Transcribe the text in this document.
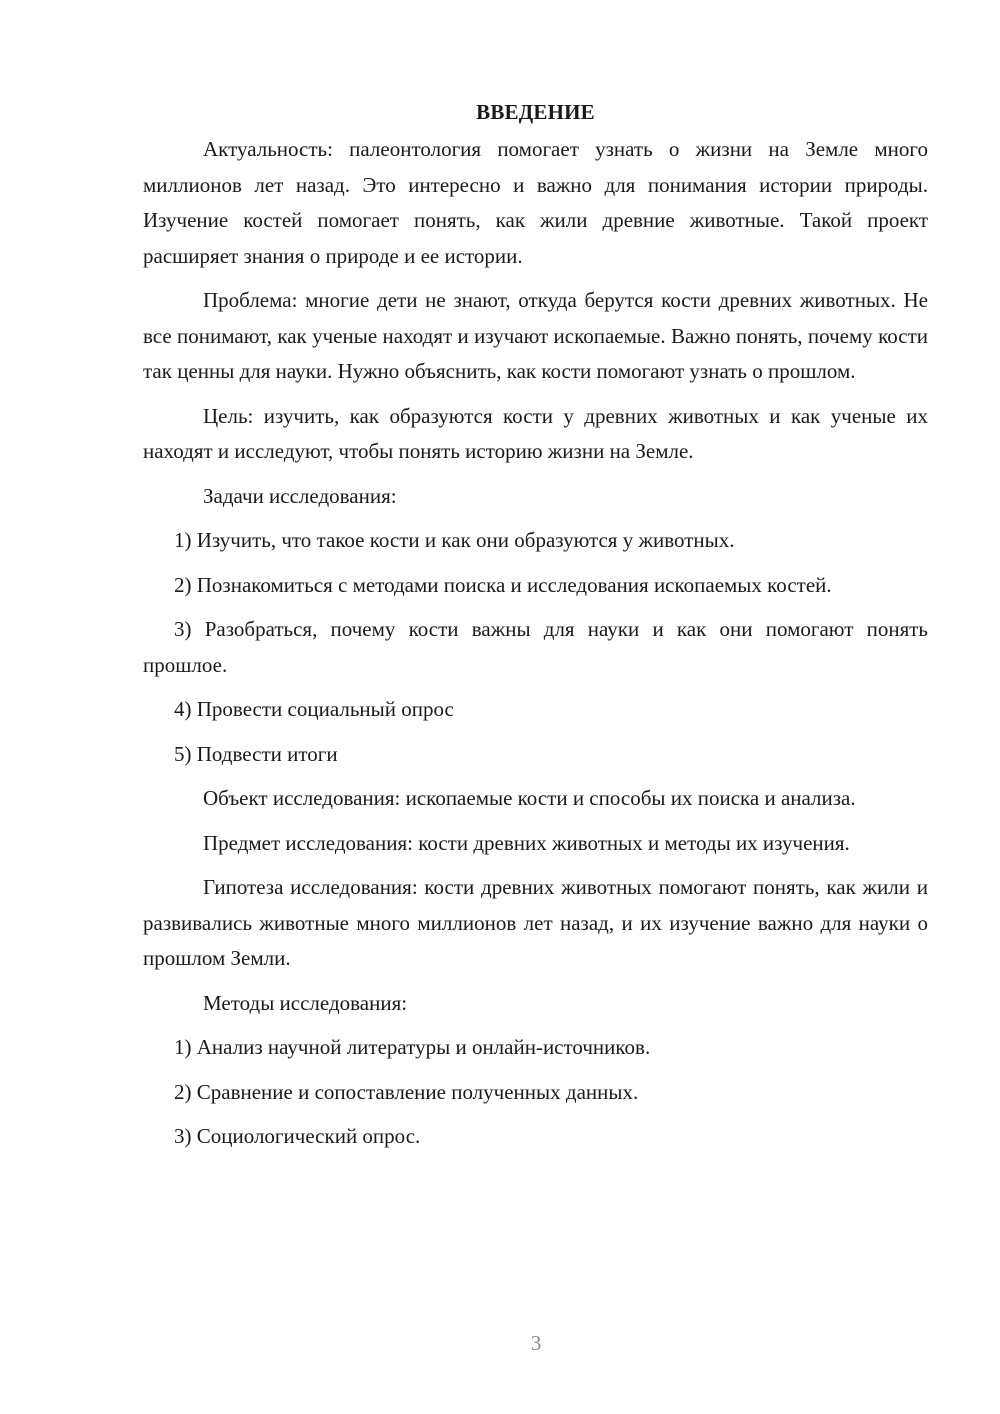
ВВЕДЕНИЕ
Актуальность: палеонтология помогает узнать о жизни на Земле много миллионов лет назад. Это интересно и важно для понимания истории природы. Изучение костей помогает понять, как жили древние животные. Такой проект расширяет знания о природе и ее истории.
Проблема: многие дети не знают, откуда берутся кости древних животных. Не все понимают, как ученые находят и изучают ископаемые. Важно понять, почему кости так ценны для науки. Нужно объяснить, как кости помогают узнать о прошлом.
Цель: изучить, как образуются кости у древних животных и как ученые их находят и исследуют, чтобы понять историю жизни на Земле.
Задачи исследования:
1) Изучить, что такое кости и как они образуются у животных.
2) Познакомиться с методами поиска и исследования ископаемых костей.
3) Разобраться, почему кости важны для науки и как они помогают понять прошлое.
4) Провести социальный опрос
5) Подвести итоги
Объект исследования: ископаемые кости и способы их поиска и анализа.
Предмет исследования: кости древних животных и методы их изучения.
Гипотеза исследования: кости древних животных помогают понять, как жили и развивались животные много миллионов лет назад, и их изучение важно для науки о прошлом Земли.
Методы исследования:
1) Анализ научной литературы и онлайн-источников.
2) Сравнение и сопоставление полученных данных.
3) Социологический опрос.
3
